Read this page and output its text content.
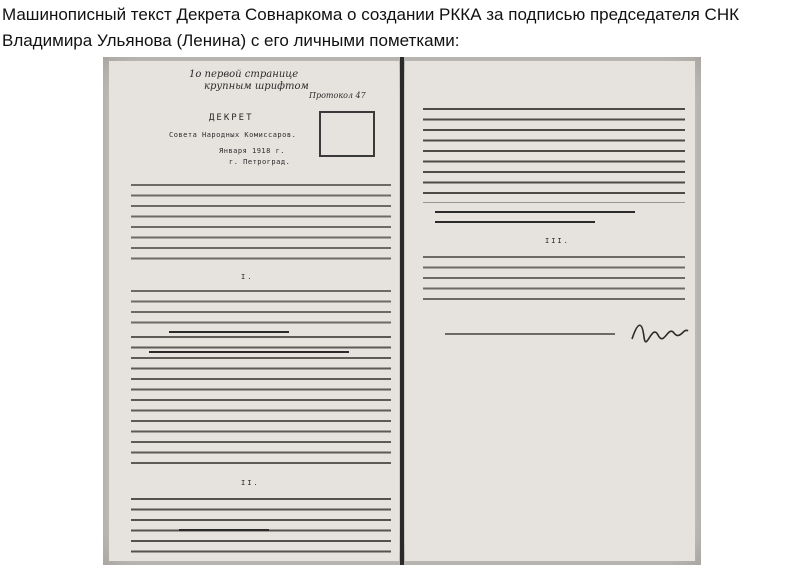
Машинописный текст Декрета Совнаркома о создании РККА за подписью председателя СНК Владимира Ульянова (Ленина) с его личными пометками:
1о первой странице
крупным шрифтом
Протокол 47
ДЕКРЕТ
Совета Народных Комиссаров.
Января 1918 г.
г. Петроград.
I.
II.
III.
